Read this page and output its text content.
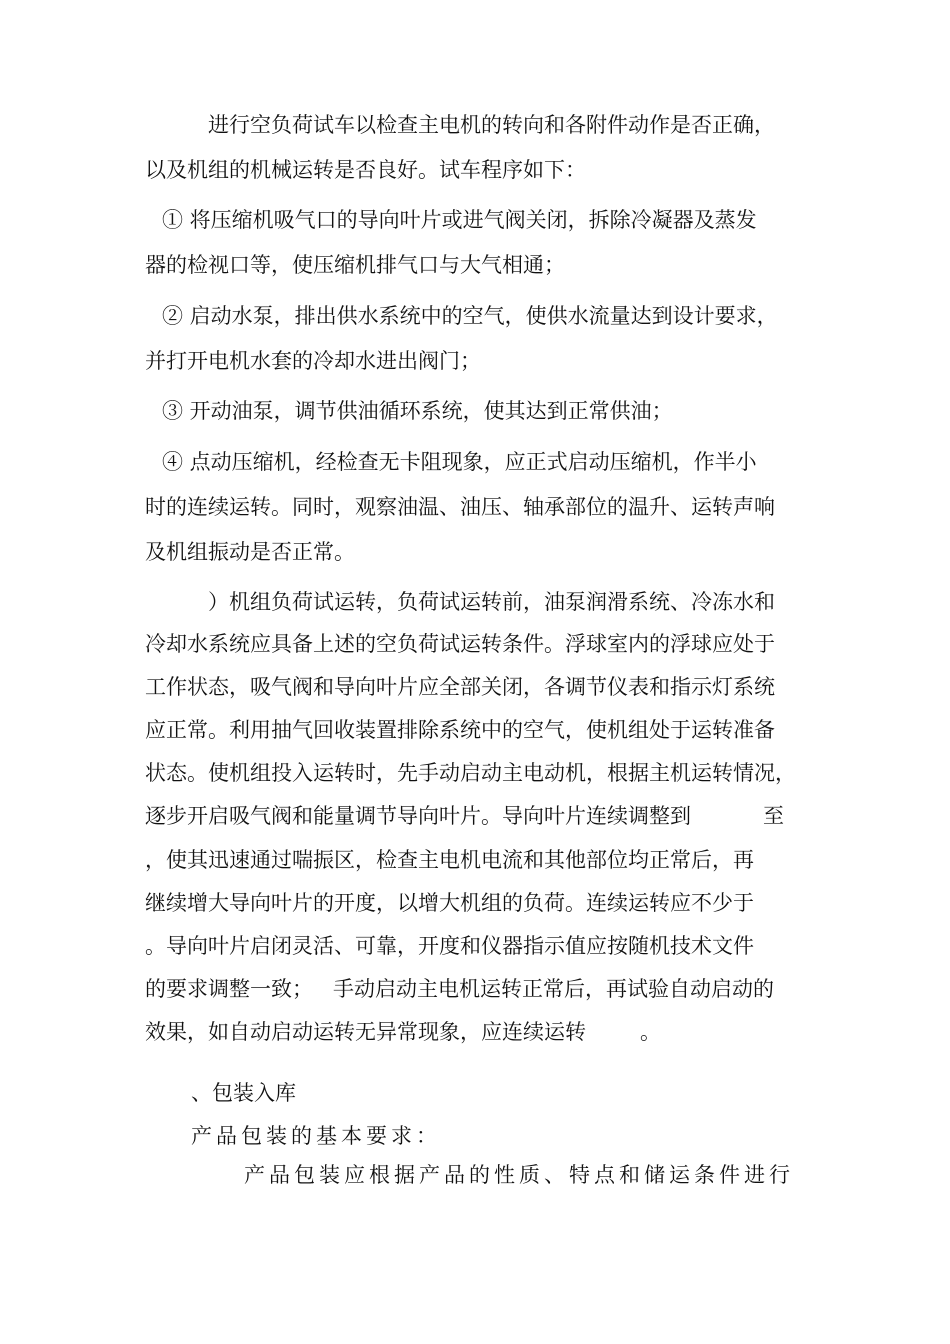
进行空负荷试车以检查主电机的转向和各附件动作是否正确，
以及机组的机械运转是否良好。试车程序如下：
① 将压缩机吸气口的导向叶片或进气阀关闭，拆除冷凝器及蒸发
器的检视口等，使压缩机排气口与大气相通；
② 启动水泵，排出供水系统中的空气，使供水流量达到设计要求，
并打开电机水套的冷却水进出阀门；
③ 开动油泵，调节供油循环系统，使其达到正常供油；
④ 点动压缩机，经检查无卡阻现象，应正式启动压缩机，作半小
时的连续运转。同时，观察油温、油压、轴承部位的温升、运转声响
及机组振动是否正常。
）机组负荷试运转，负荷试运转前，油泵润滑系统、冷冻水和
冷却水系统应具备上述的空负荷试运转条件。浮球室内的浮球应处于
工作状态，吸气阀和导向叶片应全部关闭，各调节仪表和指示灯系统
应正常。利用抽气回收装置排除系统中的空气，使机组处于运转准备
状态。使机组投入运转时，先手动启动主电动机，根据主机运转情况，
逐步开启吸气阀和能量调节导向叶片。导向叶片连续调整到	至
，使其迅速通过喘振区，检查主电机电流和其他部位均正常后，再
继续增大导向叶片的开度，以增大机组的负荷。连续运转应不少于
。导向叶片启闭灵活、可靠，开度和仪器指示值应按随机技术文件
的要求调整一致； 手动启动主电机运转正常后，再试验自动启动的
效果，如自动启动运转无异常现象，应连续运转	。
、包装入库
产品包装的基本要求：
产品包装应根据产品的性质、特点和储运条件进行
